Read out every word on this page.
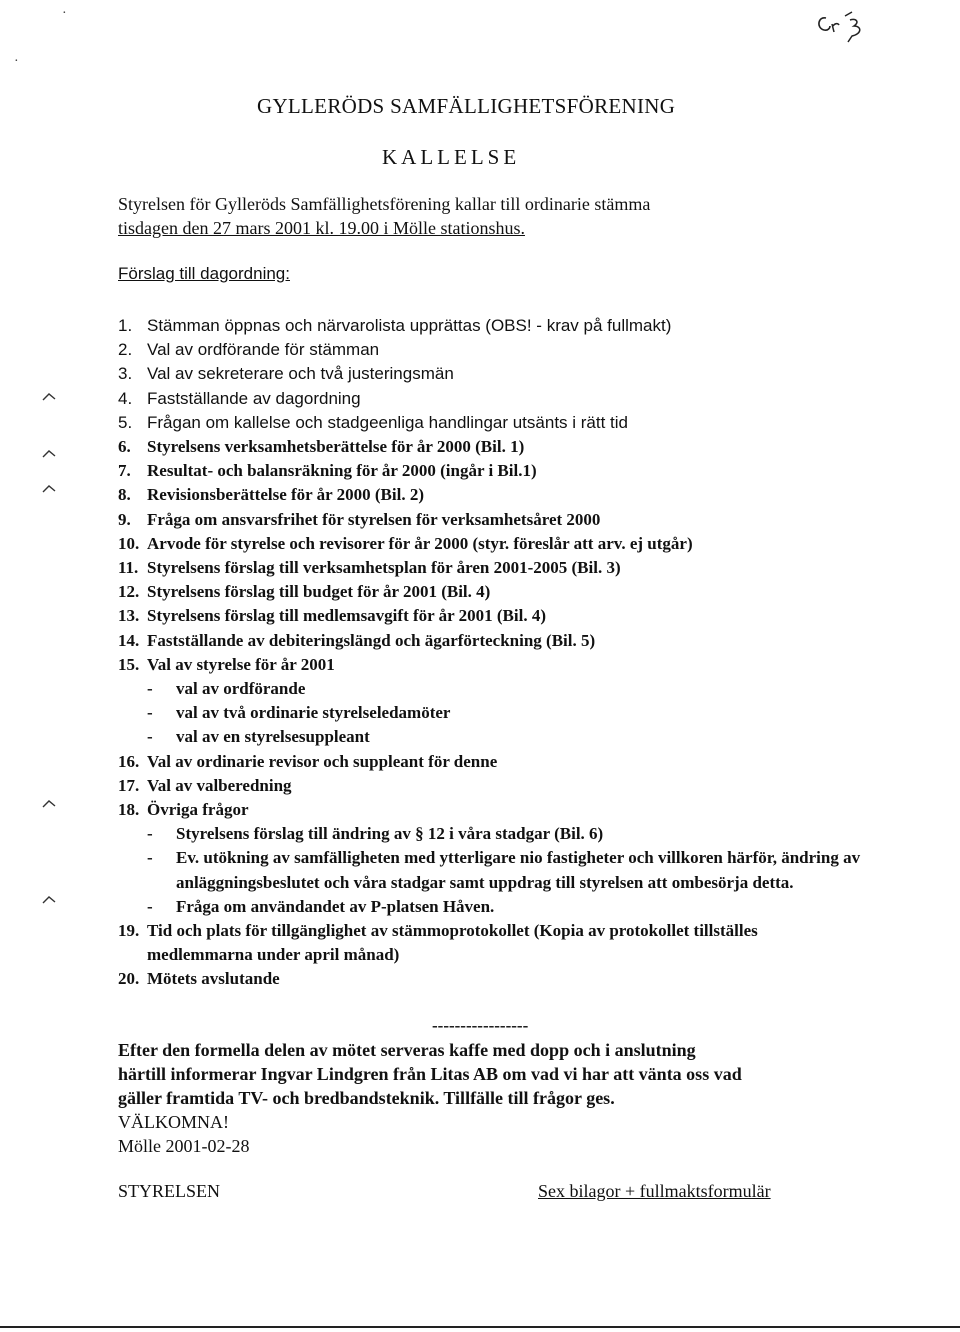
·
·
GYLLERÖDS SAMFÄLLIGHETSFÖRENING
KALLELSE
Styrelsen för Gylleröds Samfällighetsförening kallar till ordinarie stämma
tisdagen den 27 mars 2001 kl. 19.00 i Mölle stationshus.
Förslag till dagordning:
1. Stämman öppnas och närvarolista upprättas (OBS! - krav på fullmakt)
2. Val av ordförande för stämman
3. Val av sekreterare och två justeringsmän
4. Fastställande av dagordning
5. Frågan om kallelse och stadgeenliga handlingar utsänts i rätt tid
6. Styrelsens verksamhetsberättelse för år 2000 (Bil. 1)
7. Resultat- och balansräkning för år 2000 (ingår i Bil.1)
8. Revisionsberättelse för år 2000 (Bil. 2)
9. Fråga om ansvarsfrihet för styrelsen för verksamhetsåret 2000
10. Arvode för styrelse och revisorer för år 2000 (styr. föreslår att arv. ej utgår)
11. Styrelsens förslag till verksamhetsplan för åren 2001-2005 (Bil. 3)
12. Styrelsens förslag till budget för år 2001 (Bil. 4)
13. Styrelsens förslag till medlemsavgift för år 2001 (Bil. 4)
14. Fastställande av debiteringslängd och ägarförteckning (Bil. 5)
15. Val av styrelse för år 2001
- val av ordförande
- val av två ordinarie styrelseledamöter
- val av en styrelsesuppleant
16. Val av ordinarie revisor och suppleant för denne
17. Val av valberedning
18. Övriga frågor
- Styrelsens förslag till ändring av § 12 i våra stadgar (Bil. 6)
- Ev. utökning av samfälligheten med ytterligare nio fastigheter och villkoren härför, ändring av anläggningsbeslutet och våra stadgar samt uppdrag till styrelsen att ombesörja detta.
- Fråga om användandet av P-platsen Håven.
19. Tid och plats för tillgänglighet av stämmoprotokollet (Kopia av protokollet tillställes medlemmarna under april månad)
20. Mötets avslutande
-----------------
Efter den formella delen av mötet serveras kaffe med dopp och i anslutning
härtill informerar Ingvar Lindgren från Litas AB om vad vi har att vänta oss vad
gäller framtida TV- och bredbandsteknik. Tillfälle till frågor ges.
VÄLKOMNA!
Mölle 2001-02-28
STYRELSEN	Sex bilagor + fullmaktsformulär
